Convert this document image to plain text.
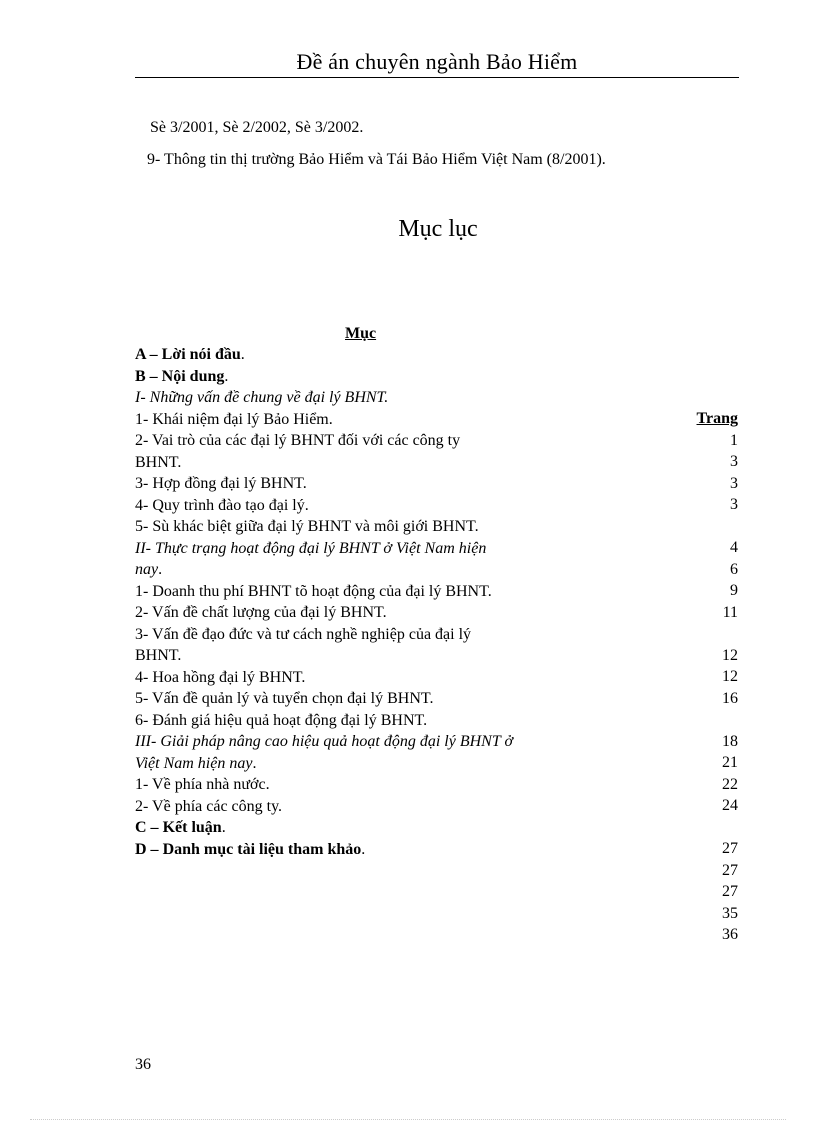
Đề án chuyên ngành Bảo Hiểm
Sè 3/2001, Sè 2/2002, Sè 3/2002.
9- Thông tin thị trường Bảo Hiểm và Tái Bảo Hiểm Việt Nam (8/2001).
Mục lục
Mục
A – Lời nói đầu.
B – Nội dung.
I- Những vấn đề chung về đại lý BHNT.
1- Khái niệm đại lý Bảo Hiểm.
2- Vai trò của các đại lý BHNT đối với các công ty
BHNT.
3- Hợp đồng đại lý BHNT.
4- Quy trình đào tạo đại lý.
5- Sù khác biệt giữa đại lý BHNT và môi giới BHNT.
II- Thực trạng hoạt động đại lý BHNT ở Việt Nam hiện
nay.
1- Doanh thu phí BHNT tõ hoạt động của đại lý BHNT.
2- Vấn đề chất lượng của đại lý BHNT.
3- Vấn đề đạo đức và tư cách nghề nghiệp của đại lý
BHNT.
4- Hoa hồng đại lý BHNT.
5- Vấn đề quản lý và tuyển chọn đại lý BHNT.
6- Đánh giá hiệu quả hoạt động đại lý BHNT.
III- Giải pháp nâng cao hiệu quả hoạt động đại lý BHNT ở
Việt Nam hiện nay.
1- Về phía nhà nước.
2- Về phía các công ty.
C – Kết luận.
D – Danh mục tài liệu tham khảo.
Trang
1
3
3
3

4
6
9
11

12
12
16

18
21
22
24

27
27
27
35
36
36
